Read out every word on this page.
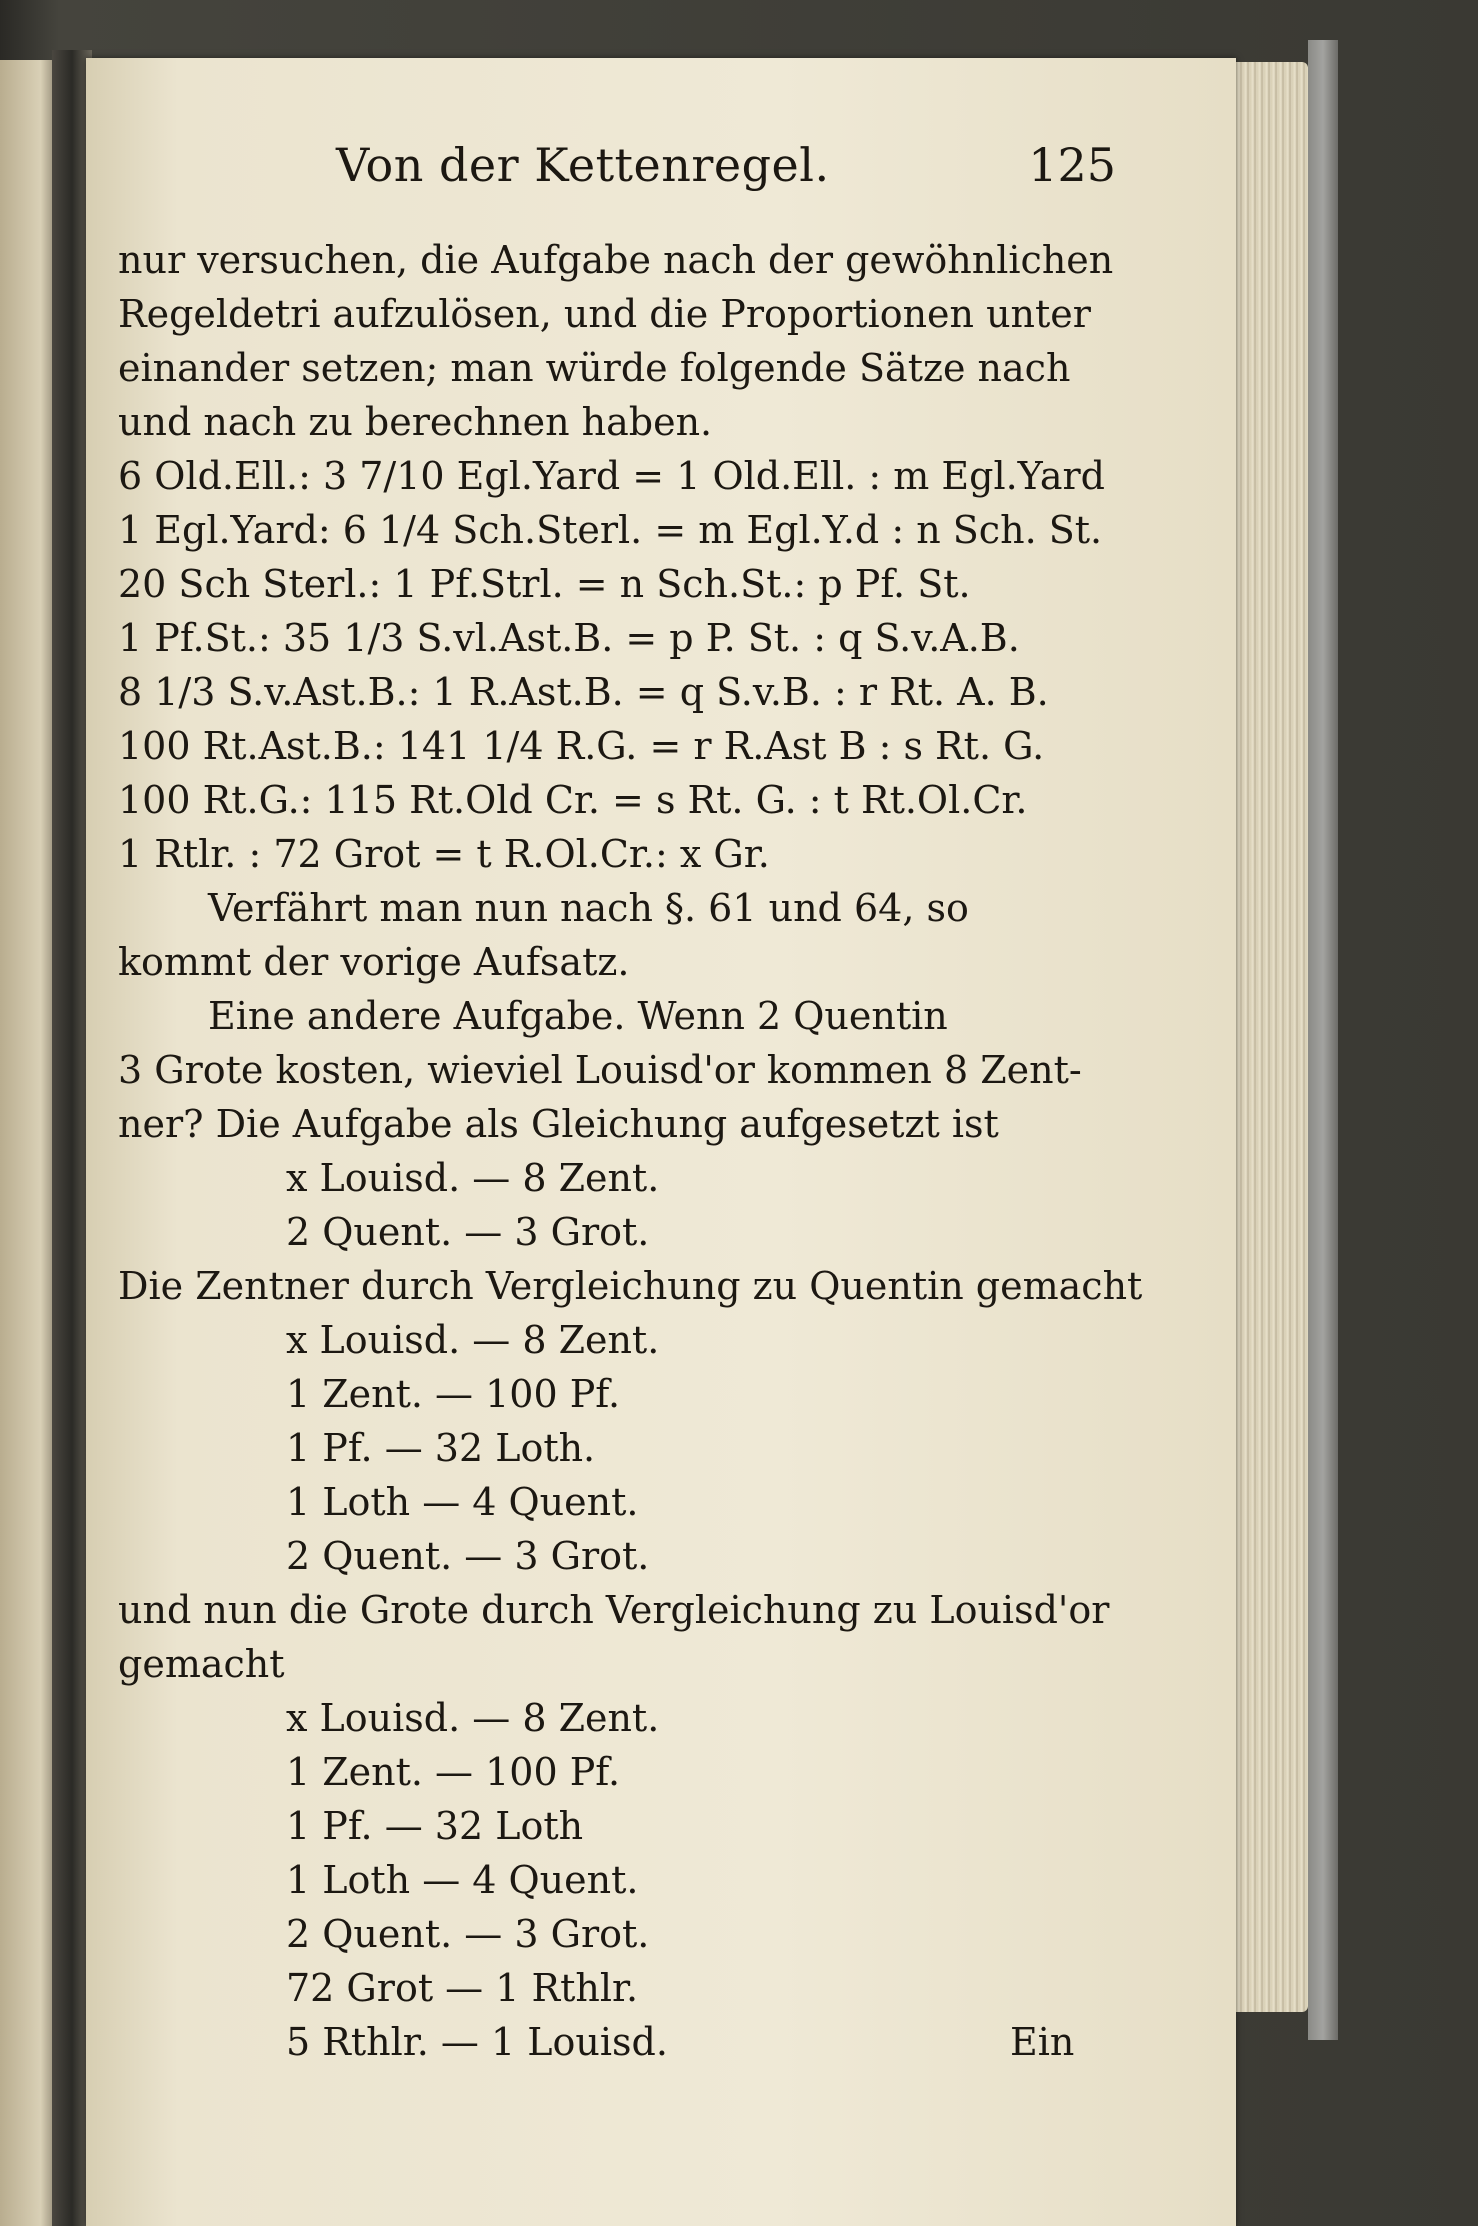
Von der Kettenregel.	125
nur versuchen, die Aufgabe nach der gewöhnlichen
Regeldetri aufzulösen, und die Proportionen unter
einander setzen; man würde folgende Sätze nach
und nach zu berechnen haben.
6 Old.Ell.: 3 7/10 Egl.Yard = 1 Old.Ell. : m Egl.Yard
1 Egl.Yard: 6 1/4 Sch.Sterl. = m Egl.Y.d : n Sch. St.
20 Sch Sterl.: 1 Pf.Strl. = n Sch.St.: p Pf. St.
1 Pf.St.: 35 1/3 S.vl.Ast.B. = p P. St. : q S.v.A.B.
8 1/3 S.v.Ast.B.: 1 R.Ast.B. = q S.v.B. : r Rt. A. B.
100 Rt.Ast.B.: 141 1/4 R.G. = r R.Ast B : s Rt. G.
100 Rt.G.: 115 Rt.Old Cr. = s Rt. G. : t Rt.Ol.Cr.
1 Rtlr. : 72 Grot = t R.Ol.Cr.: x Gr.
Verfährt man nun nach §. 61 und 64, so
kommt der vorige Aufsatz.
Eine andere Aufgabe. Wenn 2 Quentin
3 Grote kosten, wieviel Louisd'or kommen 8 Zent-
ner? Die Aufgabe als Gleichung aufgesetzt ist
x Louisd. — 8 Zent.
2 Quent. — 3 Grot.
Die Zentner durch Vergleichung zu Quentin gemacht
x Louisd. — 8 Zent.
1 Zent. — 100 Pf.
1 Pf. — 32 Loth.
1 Loth — 4 Quent.
2 Quent. — 3 Grot.
und nun die Grote durch Vergleichung zu Louisd'or
gemacht
x Louisd. — 8 Zent.
1 Zent. — 100 Pf.
1 Pf. — 32 Loth
1 Loth — 4 Quent.
2 Quent. — 3 Grot.
72 Grot — 1 Rthlr.
5 Rthlr. — 1 Louisd.	Ein
